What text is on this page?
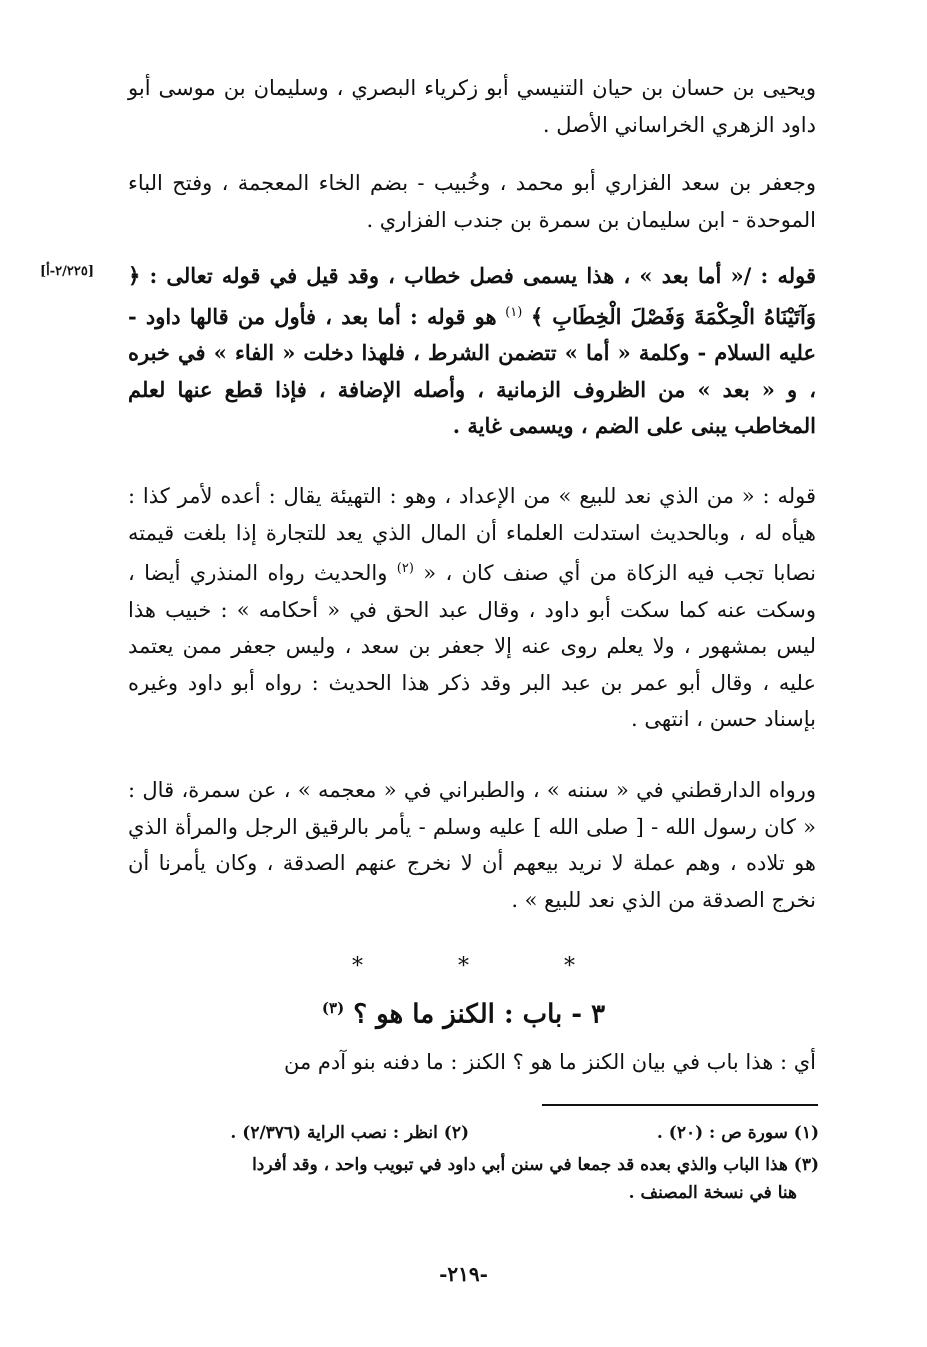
ويحيى بن حسان بن حيان التنيسي أبو زكرياء البصري ، وسليمان بن موسى أبو داود الزهري الخراساني الأصل .

وجعفر بن سعد الفزاري أبو محمد ، وخُبيب - بضم الخاء المعجمة ، وفتح الباء الموحدة - ابن سليمان بن سمرة بن جندب الفزاري .

[٢/٢٢٥-أ]	قوله : /« أما بعد » ، هذا يسمى فصل خطاب ، وقد قيل في قوله تعالى : ﴿ وَآتَيْنَاهُ الْحِكْمَةَ وَفَصْلَ الْخِطَابِ ﴾ $^{(١)}$ هو قوله : أما بعد ، فأول من قالها داود - عليه السلام - وكلمة « أما » تتضمن الشرط ، فلهذا دخلت « الفاء » في خبره ، و « بعد » من الظروف الزمانية ، وأصله الإضافة ، فإذا قطع عنها لعلم المخاطب يبنى على الضم ، ويسمى غاية .

قوله : « من الذي نعد للبيع » من الإعداد ، وهو : التهيئة يقال : أعده لأمر كذا : هيأه له ، وبالحديث استدلت العلماء أن المال الذي يعد للتجارة إذا بلغت قيمته نصابا تجب فيه الزكاة من أي صنف كان ، « $^{(٢)}$ والحديث رواه المنذري أيضا ، وسكت عنه كما سكت أبو داود ، وقال عبد الحق في « أحكامه » : خبيب هذا ليس بمشهور ، ولا يعلم روى عنه إلا جعفر بن سعد ، وليس جعفر ممن يعتمد عليه ، وقال أبو عمر بن عبد البر وقد ذكر هذا الحديث : رواه أبو داود وغيره بإسناد حسن ، انتهى .

ورواه الدارقطني في « سننه » ، والطبراني في « معجمه » ، عن سمرة، قال : « كان رسول الله - [ صلى الله ] عليه وسلم - يأمر بالرقيق الرجل والمرأة الذي هو تلاده ، وهم عملة لا نريد بيعهم أن لا نخرج عنهم الصدقة ، وكان يأمرنا أن نخرج الصدقة من الذي نعد للبيع » .

* * *
٣ - باب : الكنز ما هو ؟ $^{(٣)}$

أي : هذا باب في بيان الكنز ما هو ؟ الكنز : ما دفنه بنو آدم من

(١) سورة ص : (٢٠) .
(٢) انظر : نصب الراية (٢/٣٧٦) .
(٣) هذا الباب والذي بعده قد جمعا في سنن أبي داود في تبويب واحد ، وقد أفردا
هنا في نسخة المصنف .
-٢١٩-
